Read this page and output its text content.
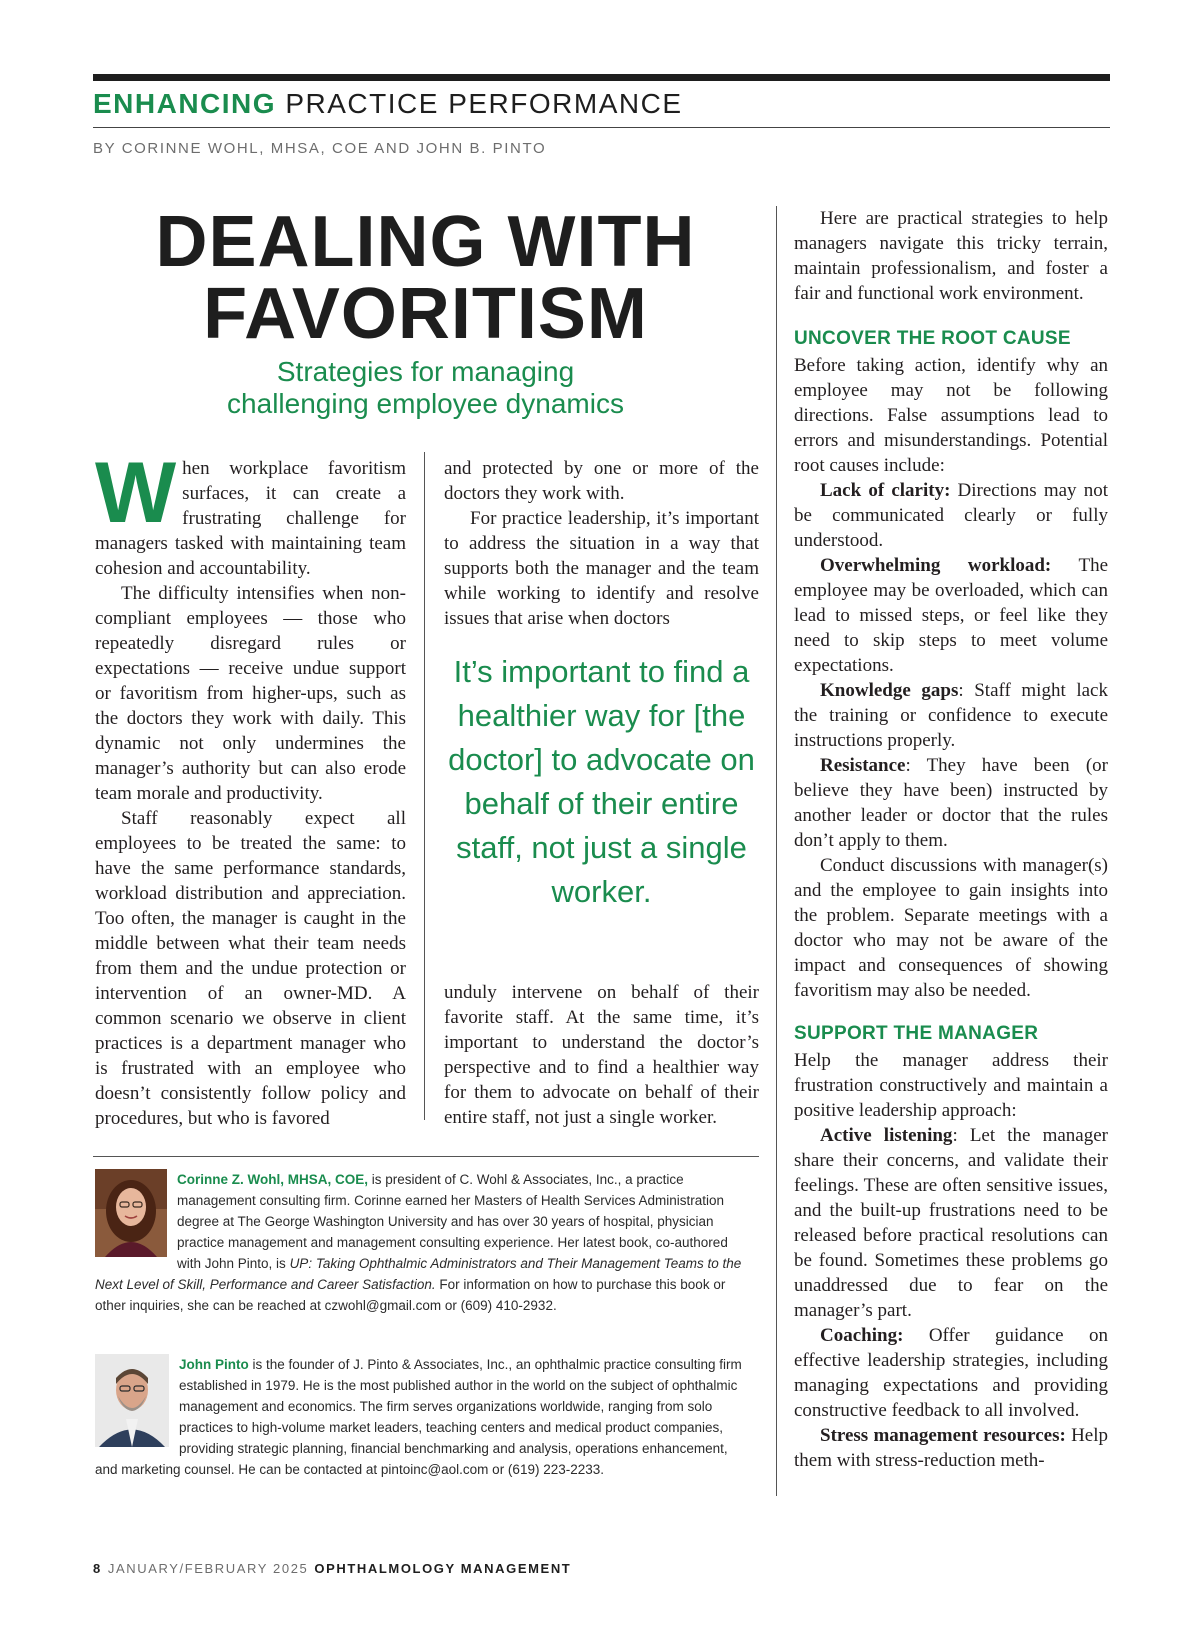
ENHANCING PRACTICE PERFORMANCE
BY CORINNE WOHL, MHSA, COE AND JOHN B. PINTO
DEALING WITH
FAVORITISM
Strategies for managing
challenging employee dynamics

When workplace favoritism surfaces, it can create a frustrating challenge for managers tasked with maintaining team cohesion and accountability.

The difficulty intensifies when non-compliant employees — those who repeatedly disregard rules or expectations — receive undue support or favoritism from higher-ups, such as the doctors they work with daily. This dynamic not only undermines the manager’s authority but can also erode team morale and productivity.

Staff reasonably expect all employees to be treated the same: to have the same performance standards, workload distribution and appreciation. Too often, the manager is caught in the middle between what their team needs from them and the undue protection or intervention of an owner-MD. A common scenario we observe in client practices is a department manager who is frustrated with an employee who doesn’t consistently follow policy and procedures, but who is favored

and protected by one or more of the doctors they work with.

For practice leadership, it’s important to address the situation in a way that supports both the manager and the team while working to identify and resolve issues that arise when doctors

It’s important to find a healthier way for [the doctor] to advocate on behalf of their entire staff, not just a single worker.

unduly intervene on behalf of their favorite staff. At the same time, it’s important to understand the doctor’s perspective and to find a healthier way for them to advocate on behalf of their entire staff, not just a single worker.

Here are practical strategies to help managers navigate this tricky terrain, maintain professionalism, and foster a fair and functional work environment.

UNCOVER THE ROOT CAUSE

Before taking action, identify why an employee may not be following directions. False assumptions lead to errors and misunderstandings. Potential root causes include:

Lack of clarity: Directions may not be communicated clearly or fully understood.

Overwhelming workload: The employee may be overloaded, which can lead to missed steps, or feel like they need to skip steps to meet volume expectations.

Knowledge gaps: Staff might lack the training or confidence to execute instructions properly.

Resistance: They have been (or believe they have been) instructed by another leader or doctor that the rules don’t apply to them.

Conduct discussions with manager(s) and the employee to gain insights into the problem. Separate meetings with a doctor who may not be aware of the impact and consequences of showing favoritism may also be needed.

SUPPORT THE MANAGER

Help the manager address their frustration constructively and maintain a positive leadership approach:

Active listening: Let the manager share their concerns, and validate their feelings. These are often sensitive issues, and the built-up frustrations need to be released before practical resolutions can be found. Sometimes these problems go unaddressed due to fear on the manager’s part.

Coaching: Offer guidance on effective leadership strategies, including managing expectations and providing constructive feedback to all involved.

Stress management resources: Help them with stress-reduction meth-

Corinne Z. Wohl, MHSA, COE, is president of C. Wohl & Associates, Inc., a practice management consulting firm. Corinne earned her Masters of Health Services Administration degree at The George Washington University and has over 30 years of hospital, physician practice management and management consulting experience. Her latest book, co-authored with John Pinto, is UP: Taking Ophthalmic Administrators and Their Management Teams to the Next Level of Skill, Performance and Career Satisfaction. For information on how to purchase this book or other inquiries, she can be reached at czwohl@gmail.com or (609) 410-2932.
John Pinto is the founder of J. Pinto & Associates, Inc., an ophthalmic practice consulting firm established in 1979. He is the most published author in the world on the subject of ophthalmic management and economics. The firm serves organizations worldwide, ranging from solo practices to high-volume market leaders, teaching centers and medical product companies, providing strategic planning, financial benchmarking and analysis, operations enhancement, and marketing counsel. He can be contacted at pintoinc@aol.com or (619) 223-2233.
8 JANUARY/FEBRUARY 2025 OPHTHALMOLOGY MANAGEMENT
